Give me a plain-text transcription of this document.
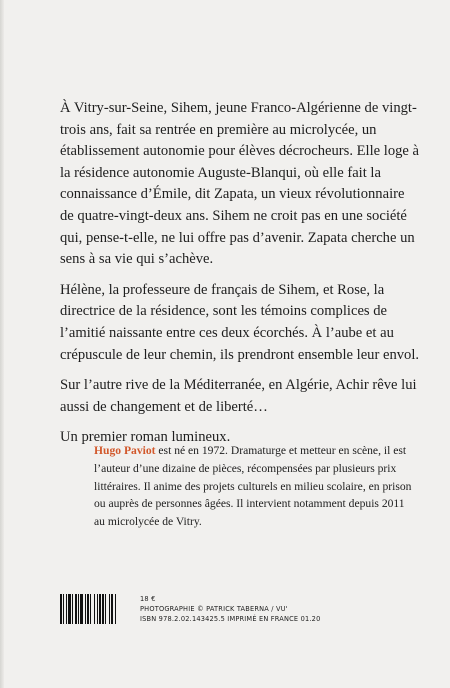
À Vitry-sur-Seine, Sihem, jeune Franco-Algérienne de vingt-trois ans, fait sa rentrée en première au microlycée, un établissement autonomie pour élèves décrocheurs. Elle loge à la résidence autonomie Auguste-Blanqui, où elle fait la connaissance d’Émile, dit Zapata, un vieux révolutionnaire de quatre-vingt-deux ans. Sihem ne croit pas en une société qui, pense-t-elle, ne lui offre pas d’avenir. Zapata cherche un sens à sa vie qui s’achève.

Hélène, la professeure de français de Sihem, et Rose, la directrice de la résidence, sont les témoins complices de l’amitié naissante entre ces deux écorchés. À l’aube et au crépuscule de leur chemin, ils prendront ensemble leur envol.

Sur l’autre rive de la Méditerranée, en Algérie, Achir rêve lui aussi de changement et de liberté…

Un premier roman lumineux.

Hugo Paviot est né en 1972. Dramaturge et metteur en scène, il est l’auteur d’une dizaine de pièces, récompensées par plusieurs prix littéraires. Il anime des projets culturels en milieu scolaire, en prison ou auprès de personnes âgées. Il intervient notamment depuis 2011 au microlycée de Vitry.

18 €
PHOTOGRAPHIE © PATRICK TABERNA / VU'
ISBN 978.2.02.143425.5 IMPRIMÉ EN FRANCE 01.20
